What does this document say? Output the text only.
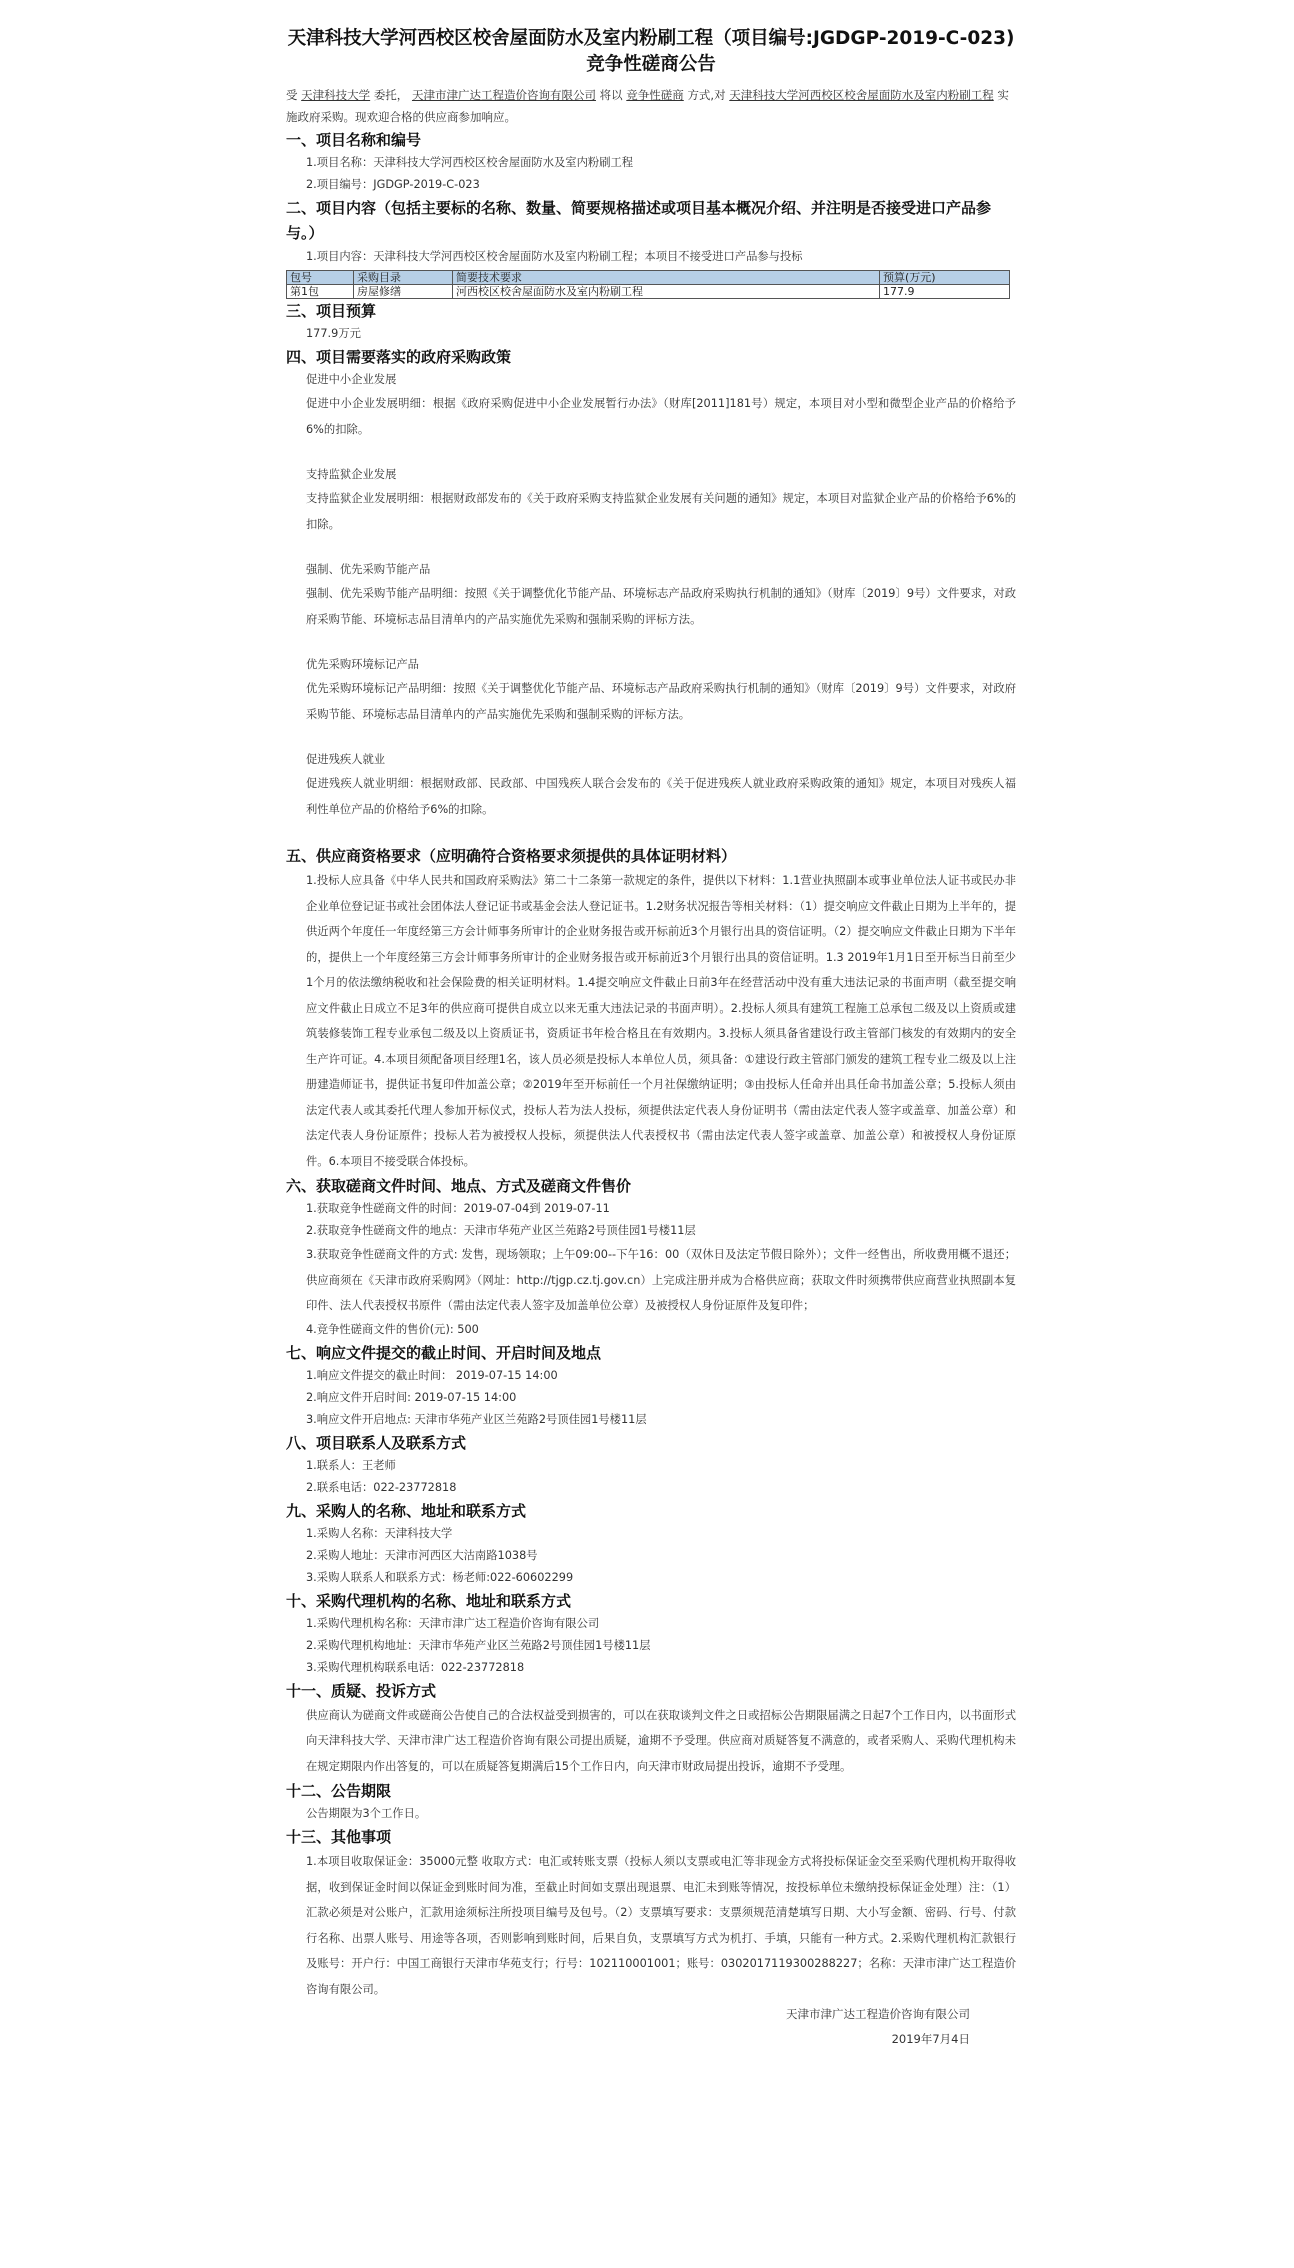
天津科技大学河西校区校舍屋面防水及室内粉刷工程（项目编号:JGDGP-2019-C-023)竞争性磋商公告
受 天津科技大学 委托， 天津市津广达工程造价咨询有限公司 将以 竞争性磋商 方式,对 天津科技大学河西校区校舍屋面防水及室内粉刷工程 实施政府采购。现欢迎合格的供应商参加响应。
一、项目名称和编号
1.项目名称：天津科技大学河西校区校舍屋面防水及室内粉刷工程
2.项目编号：JGDGP-2019-C-023
二、项目内容（包括主要标的名称、数量、简要规格描述或项目基本概况介绍、并注明是否接受进口产品参与。）
1.项目内容：天津科技大学河西校区校舍屋面防水及室内粉刷工程；本项目不接受进口产品参与投标
包号	采购目录	简要技术要求	预算(万元)
第1包	房屋修缮	河西校区校舍屋面防水及室内粉刷工程	177.9
三、项目预算
177.9万元
四、项目需要落实的政府采购政策
促进中小企业发展
促进中小企业发展明细：根据《政府采购促进中小企业发展暂行办法》（财库[2011]181号）规定，本项目对小型和微型企业产品的价格给予6%的扣除。
支持监狱企业发展
支持监狱企业发展明细：根据财政部发布的《关于政府采购支持监狱企业发展有关问题的通知》规定，本项目对监狱企业产品的价格给予6%的扣除。
强制、优先采购节能产品
强制、优先采购节能产品明细：按照《关于调整优化节能产品、环境标志产品政府采购执行机制的通知》（财库〔2019〕9号）文件要求，对政府采购节能、环境标志品目清单内的产品实施优先采购和强制采购的评标方法。
优先采购环境标记产品
优先采购环境标记产品明细：按照《关于调整优化节能产品、环境标志产品政府采购执行机制的通知》（财库〔2019〕9号）文件要求，对政府采购节能、环境标志品目清单内的产品实施优先采购和强制采购的评标方法。
促进残疾人就业
促进残疾人就业明细：根据财政部、民政部、中国残疾人联合会发布的《关于促进残疾人就业政府采购政策的通知》规定，本项目对残疾人福利性单位产品的价格给予6%的扣除。
五、供应商资格要求（应明确符合资格要求须提供的具体证明材料）
1.投标人应具备《中华人民共和国政府采购法》第二十二条第一款规定的条件，提供以下材料：1.1营业执照副本或事业单位法人证书或民办非企业单位登记证书或社会团体法人登记证书或基金会法人登记证书。1.2财务状况报告等相关材料：（1）提交响应文件截止日期为上半年的，提供近两个年度任一年度经第三方会计师事务所审计的企业财务报告或开标前近3个月银行出具的资信证明。（2）提交响应文件截止日期为下半年的，提供上一个年度经第三方会计师事务所审计的企业财务报告或开标前近3个月银行出具的资信证明。1.3 2019年1月1日至开标当日前至少1个月的依法缴纳税收和社会保险费的相关证明材料。1.4提交响应文件截止日前3年在经营活动中没有重大违法记录的书面声明（截至提交响应文件截止日成立不足3年的供应商可提供自成立以来无重大违法记录的书面声明）。2.投标人须具有建筑工程施工总承包二级及以上资质或建筑装修装饰工程专业承包二级及以上资质证书，资质证书年检合格且在有效期内。3.投标人须具备省建设行政主管部门核发的有效期内的安全生产许可证。4.本项目须配备项目经理1名，该人员必须是投标人本单位人员，须具备：①建设行政主管部门颁发的建筑工程专业二级及以上注册建造师证书，提供证书复印件加盖公章；②2019年至开标前任一个月社保缴纳证明；③由投标人任命并出具任命书加盖公章；5.投标人须由法定代表人或其委托代理人参加开标仪式，投标人若为法人投标，须提供法定代表人身份证明书（需由法定代表人签字或盖章、加盖公章）和法定代表人身份证原件；投标人若为被授权人投标，须提供法人代表授权书（需由法定代表人签字或盖章、加盖公章）和被授权人身份证原件。6.本项目不接受联合体投标。
六、获取磋商文件时间、地点、方式及磋商文件售价
1.获取竞争性磋商文件的时间：2019-07-04到 2019-07-11
2.获取竞争性磋商文件的地点：天津市华苑产业区兰苑路2号顶佳园1号楼11层
3.获取竞争性磋商文件的方式: 发售，现场领取；上午09:00--下午16：00（双休日及法定节假日除外）；文件一经售出，所收费用概不退还；供应商须在《天津市政府采购网》（网址：http://tjgp.cz.tj.gov.cn）上完成注册并成为合格供应商；获取文件时须携带供应商营业执照副本复印件、法人代表授权书原件（需由法定代表人签字及加盖单位公章）及被授权人身份证原件及复印件；
4.竞争性磋商文件的售价(元): 500
七、响应文件提交的截止时间、开启时间及地点
1.响应文件提交的截止时间： 2019-07-15 14:00
2.响应文件开启时间: 2019-07-15 14:00
3.响应文件开启地点: 天津市华苑产业区兰苑路2号顶佳园1号楼11层
八、项目联系人及联系方式
1.联系人：王老师
2.联系电话：022-23772818
九、采购人的名称、地址和联系方式
1.采购人名称：天津科技大学
2.采购人地址：天津市河西区大沽南路1038号
3.采购人联系人和联系方式：杨老师:022-60602299
十、采购代理机构的名称、地址和联系方式
1.采购代理机构名称：天津市津广达工程造价咨询有限公司
2.采购代理机构地址：天津市华苑产业区兰苑路2号顶佳园1号楼11层
3.采购代理机构联系电话：022-23772818
十一、质疑、投诉方式
供应商认为磋商文件或磋商公告使自己的合法权益受到损害的，可以在获取谈判文件之日或招标公告期限届满之日起7个工作日内，以书面形式向天津科技大学、天津市津广达工程造价咨询有限公司提出质疑，逾期不予受理。供应商对质疑答复不满意的，或者采购人、采购代理机构未在规定期限内作出答复的，可以在质疑答复期满后15个工作日内，向天津市财政局提出投诉，逾期不予受理。
十二、公告期限
公告期限为3个工作日。
十三、其他事项
1.本项目收取保证金：35000元整 收取方式：电汇或转账支票（投标人须以支票或电汇等非现金方式将投标保证金交至采购代理机构开取得收据，收到保证金时间以保证金到账时间为准，至截止时间如支票出现退票、电汇未到账等情况，按投标单位未缴纳投标保证金处理）注：（1）汇款必须是对公账户，汇款用途须标注所投项目编号及包号。（2）支票填写要求：支票须规范清楚填写日期、大小写金额、密码、行号、付款行名称、出票人账号、用途等各项，否则影响到账时间，后果自负，支票填写方式为机打、手填，只能有一种方式。2.采购代理机构汇款银行及账号：开户行：中国工商银行天津市华苑支行；行号：102110001001；账号：0302017119300288227；名称：天津市津广达工程造价咨询有限公司。
天津市津广达工程造价咨询有限公司
2019年7月4日
